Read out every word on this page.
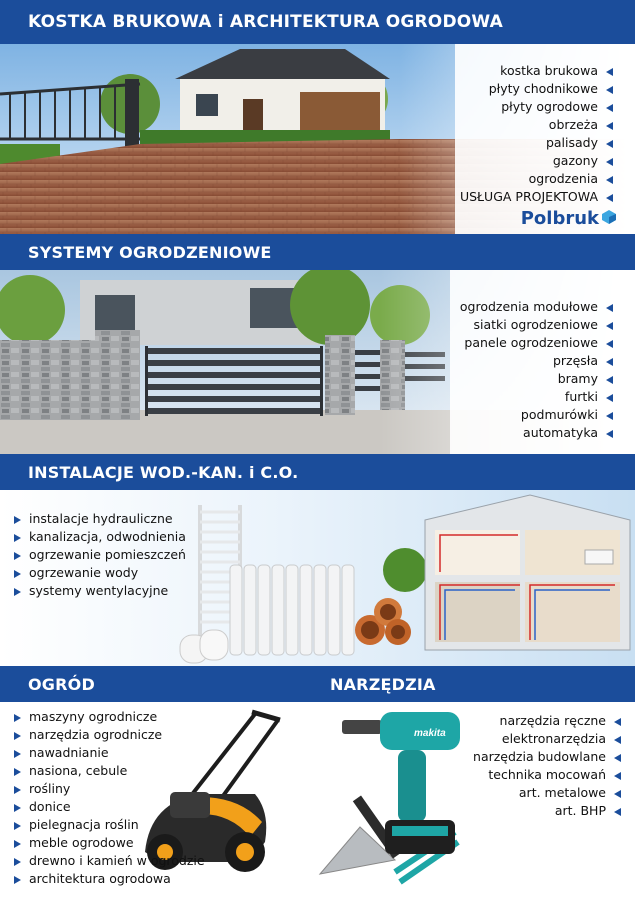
KOSTKA BRUKOWA i ARCHITEKTURA OGRODOWA
kostka brukowa
płyty chodnikowe
płyty ogrodowe
obrzeża
palisady
gazony
ogrodzenia
USŁUGA PROJEKTOWA
Polbruk
SYSTEMY OGRODZENIOWE
ogrodzenia modułowe
siatki ogrodzeniowe
panele ogrodzeniowe
przęsła
bramy
furtki
podmurówki
automatyka
INSTALACJE WOD.-KAN. i C.O.
instalacje hydrauliczne
kanalizacja, odwodnienia
ogrzewanie pomieszczeń
ogrzewanie wody
systemy wentylacyjne
OGRÓD	NARZĘDZIA
makita
maszyny ogrodnicze
narzędzia ogrodnicze
nawadnianie
nasiona, cebule
rośliny
donice
pielegnacja roślin
meble ogrodowe
drewno i kamień w ogrodzie
architektura ogrodowa
narzędzia ręczne
elektronarzędzia
narzędzia budowlane
technika mocowań
art. metalowe
art. BHP
